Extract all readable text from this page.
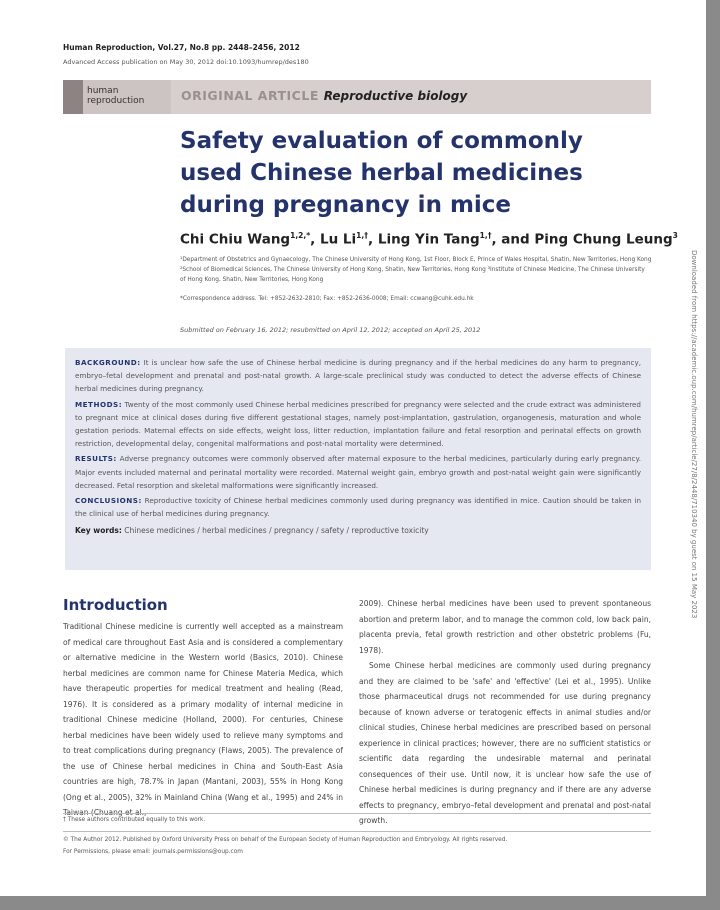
Human Reproduction, Vol.27, No.8 pp. 2448–2456, 2012
Advanced Access publication on May 30, 2012 doi:10.1093/humrep/des180
human
reproduction	ORIGINAL ARTICLE Reproductive biology
Safety evaluation of commonly used Chinese herbal medicines during pregnancy in mice
Chi Chiu Wang$^{1,2,*}$, Lu $Li^{1,\dagger}$, Ling Yin Tang$^{1,\dagger}$, and Ping Chung Leung$^3$
¹Department of Obstetrics and Gynaecology, The Chinese University of Hong Kong, 1st Floor, Block E, Prince of Wales Hospital, Shatin, New Territories, Hong Kong ²School of Biomedical Sciences, The Chinese University of Hong Kong, Shatin, New Territories, Hong Kong ³Institute of Chinese Medicine, The Chinese University of Hong Kong, Shatin, New Territories, Hong Kong
*Correspondence address. Tel: +852-2632-2810; Fax: +852-2636-0008; Email: ccwang@cuhk.edu.hk
Submitted on February 16, 2012; resubmitted on April 12, 2012; accepted on April 25, 2012

BACKGROUND: It is unclear how safe the use of Chinese herbal medicine is during pregnancy and if the herbal medicines do any harm to pregnancy, embryo–fetal development and prenatal and post-natal growth. A large-scale preclinical study was conducted to detect the adverse effects of Chinese herbal medicines during pregnancy.

METHODS: Twenty of the most commonly used Chinese herbal medicines prescribed for pregnancy were selected and the crude extract was administered to pregnant mice at clinical doses during five different gestational stages, namely post-implantation, gastrulation, organogenesis, maturation and whole gestation periods. Maternal effects on side effects, weight loss, litter reduction, implantation failure and fetal resorption and perinatal effects on growth restriction, developmental delay, congenital malformations and post-natal mortality were determined.

RESULTS: Adverse pregnancy outcomes were commonly observed after maternal exposure to the herbal medicines, particularly during early pregnancy. Major events included maternal and perinatal mortality were recorded. Maternal weight gain, embryo growth and post-natal weight gain were significantly decreased. Fetal resorption and skeletal malformations were significantly increased.

CONCLUSIONS: Reproductive toxicity of Chinese herbal medicines commonly used during pregnancy was identified in mice. Caution should be taken in the clinical use of herbal medicines during pregnancy.

Key words: Chinese medicines / herbal medicines / pregnancy / safety / reproductive toxicity

Introduction

Traditional Chinese medicine is currently well accepted as a mainstream of medical care throughout East Asia and is considered a complementary or alternative medicine in the Western world (Basics, 2010). Chinese herbal medicines are common name for Chinese Materia Medica, which have therapeutic properties for medical treatment and healing (Read, 1976). It is considered as a primary modality of internal medicine in traditional Chinese medicine (Holland, 2000). For centuries, Chinese herbal medicines have been widely used to relieve many symptoms and to treat complications during pregnancy (Flaws, 2005). The prevalence of the use of Chinese herbal medicines in China and South-East Asia countries are high, 78.7% in Japan (Mantani, 2003), 55% in Hong Kong (Ong et al., 2005), 32% in Mainland China (Wang et al., 1995) and 24% in

2009). Chinese herbal medicines have been used to prevent spontaneous abortion and preterm labor, and to manage the common cold, low back pain, placenta previa, fetal growth restriction and other obstetric problems (Fu, 1978).

Some Chinese herbal medicines are commonly used during pregnancy and they are claimed to be 'safe' and 'effective' (Lei et al., 1995). Unlike those pharmaceutical drugs not recommended for use during pregnancy because of known adverse or teratogenic effects in animal studies and/or clinical studies, Chinese herbal medicines are prescribed based on personal experience in clinical practices; however, there are no sufficient statistics or scientific data regarding the undesirable maternal and perinatal consequences of their use. Until now, it is unclear how safe the use of Chinese herbal medicines is during pregnancy and if there are any adverse effects to pregnancy, embryo–fetal development and prenatal and post-natal growth.

† These authors contributed equally to this work.
© The Author 2012. Published by Oxford University Press on behalf of the European Society of Human Reproduction and Embryology. All rights reserved.
For Permissions, please email: journals.permissions@oup.com
Downloaded from https://academic.oup.com/humrep/article/27/8/2448/710340 by guest on 15 May 2023
